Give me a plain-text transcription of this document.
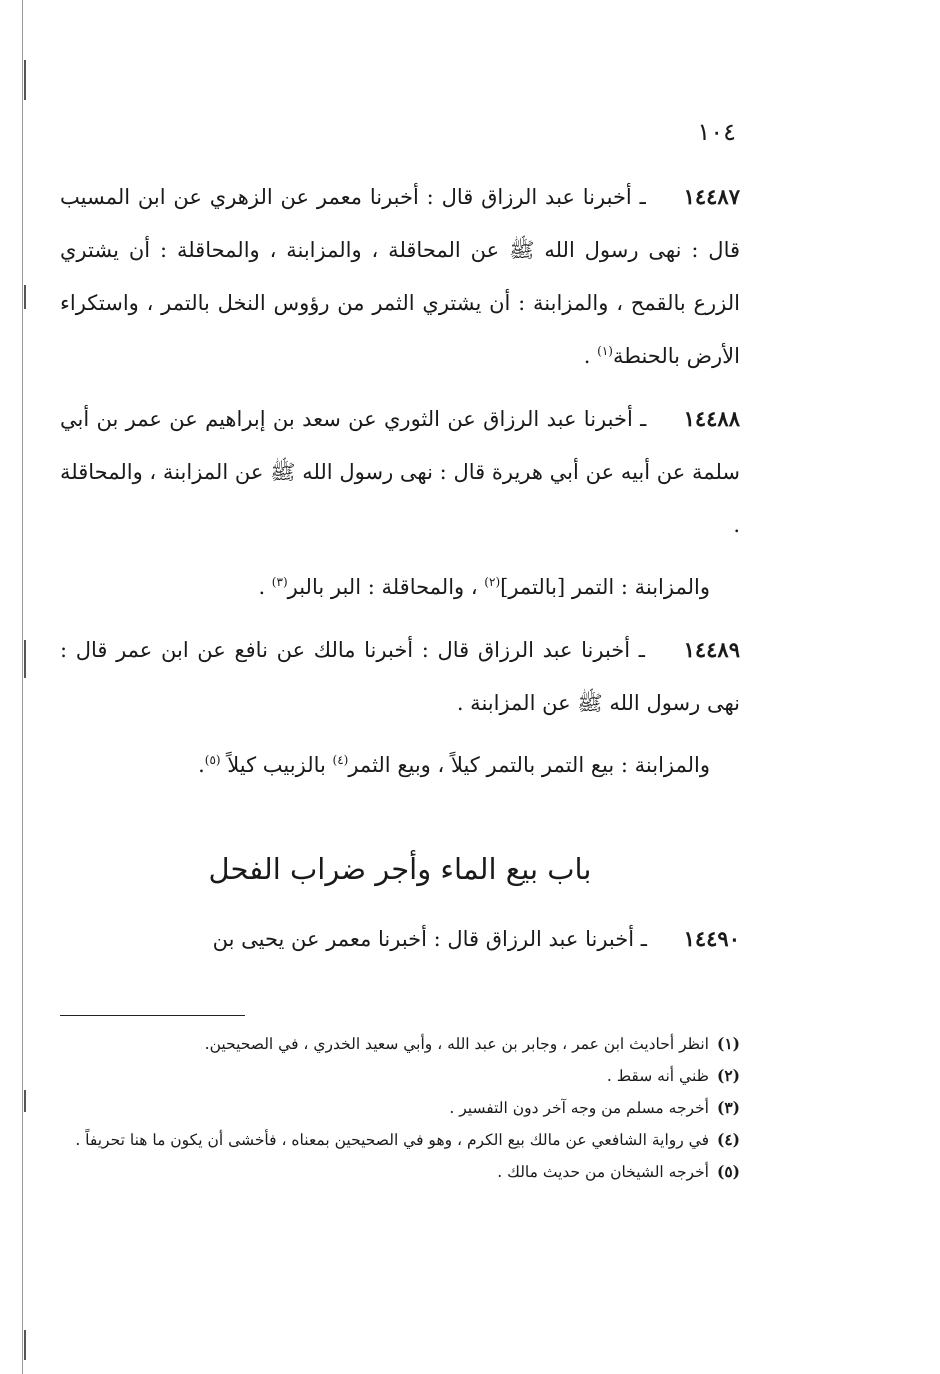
١٠٤

١٤٤٨٧ ـ أخبرنا عبد الرزاق قال : أخبرنا معمر عن الزهري عن ابن المسيب قال : نهى رسول الله ﷺ عن المحاقلة ، والمزابنة ، والمحاقلة : أن يشتري الزرع بالقمح ، والمزابنة : أن يشتري الثمر من رؤوس النخل بالتمر ، واستكراء الأرض بالحنطة$^{(١)}$ .

١٤٤٨٨ ـ أخبرنا عبد الرزاق عن الثوري عن سعد بن إبراهيم عن عمر بن أبي سلمة عن أبيه عن أبي هريرة قال : نهى رسول الله ﷺ عن المزابنة ، والمحاقلة .

والمزابنة : التمر [بالتمر]$^{(٢)}$ ، والمحاقلة : البر بالبر$^{(٣)}$ .

١٤٤٨٩ ـ أخبرنا عبد الرزاق قال : أخبرنا مالك عن نافع عن ابن عمر قال : نهى رسول الله ﷺ عن المزابنة .

والمزابنة : بيع التمر بالتمر كيلاً ، وبيع الثمر$^{(٤)}$ بالزبيب كيلاً $^{(٥)}$.

باب بيع الماء وأجر ضراب الفحل

١٤٤٩٠ ـ أخبرنا عبد الرزاق قال : أخبرنا معمر عن يحيى بن

(١)انظر أحاديث ابن عمر ، وجابر بن عبد الله ، وأبي سعيد الخدري ، في الصحيحين.

(٢)ظني أنه سقط .

(٣)أخرجه مسلم من وجه آخر دون التفسير .

(٤)في رواية الشافعي عن مالك بيع الكرم ، وهو في الصحيحين بمعناه ، فأخشى أن يكون ما هنا تحريفاً .

(٥)أخرجه الشيخان من حديث مالك .
